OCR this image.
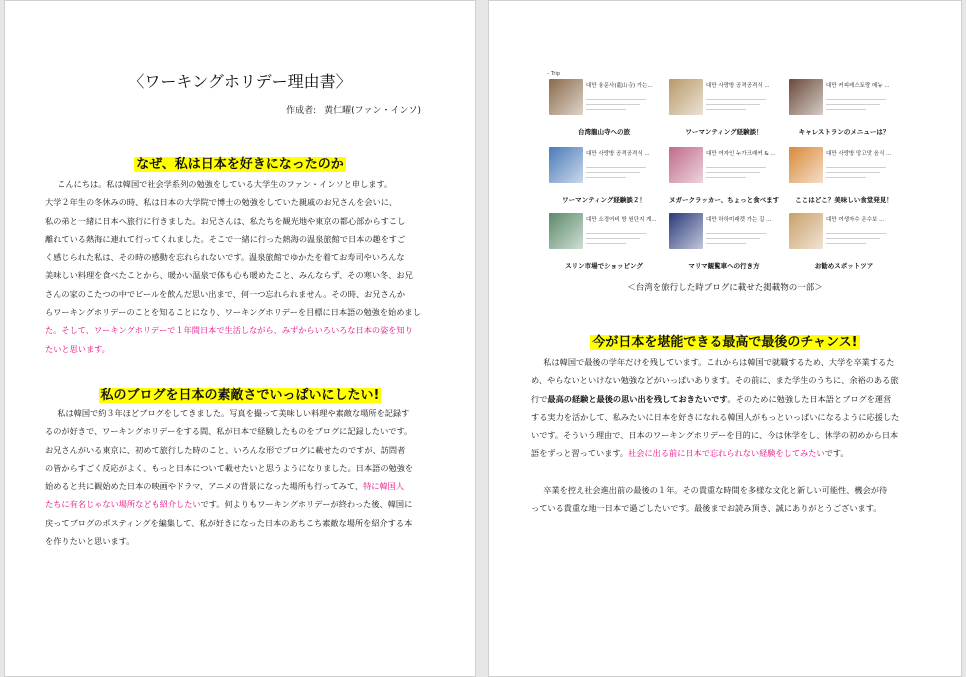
〈ワーキングホリデー理由書〉
作成者: 黄仁曜(ファン・インソ)
なぜ、私は日本を好きになったのか
こんにちは。私は韓国で社会学系列の勉強をしている大学生のファン・インソと申します。
大学２年生の冬休みの時、私は日本の大学院で博士の勉強をしていた親戚のお兄さんを会いに、
私の弟と一緒に日本へ旅行に行きました。お兄さんは、私たちを観光地や東京の都心部からすこし
離れている熱海に連れて行ってくれました。そこで一緒に行った熱海の温泉旅館で日本の趣をすご
く感じられた私は、その時の感動を忘れられないです。温泉旅館でゆかたを着てお寿司やいろんな
美味しい料理を食べたことから、暖かい温泉で体も心も暖めたこと、みんならず、その寒い冬、お兄
さんの家のこたつの中でビールを飲んだ思い出まで、何一つ忘れられません。その時、お兄さんか
らワーキングホリデーのことを知ることになり、ワーキングホリデーを目標に日本語の勉強を始めまし
た。そして、ワーキングホリデーで１年間日本で生活しながら、みずからいろいろな日本の姿を知り
たいと思います。
私のブログを日本の素敵さでいっぱいにしたい!
私は韓国で約３年ほどブログをしてきました。写真を撮って美味しい料理や素敵な場所を記録す
るのが好きで、ワーキングホリデーをする間、私が日本で経験したものをブログに記録したいです。
お兄さんがいる東京に、初めて旅行した時のこと、いろんな形でブログに載せたのですが、訪問者
の皆からすごく反応がよく、もっと日本について載せたいと思うようになりました。日本語の勉強を
始めると共に観始めた日本の映画やドラマ、アニメの背景になった場所も行ってみて、特に韓国人
たちに有名じゃない場所なども紹介したいです。何よりもワーキングホリデーが終わった後、韓国に
戻ってブログのポスティングを編集して、私が好きになった日本のあちこち素敵な場所を紹介する本
を作りたいと思います。
– Trip
대만 융문사(龍山寺) 가는...
台湾龍山寺への旅
대만 사랑방 공격공격식 ...
ワーマンティング経験談！
대만 커피레스토랑 메뉴 ...
キャレストランのメニューは？
대만 사랑방 공격공격식 ...
ワーマンティング経験談２！
대만 여자인 누가크래커 & ...
ヌガークラッカー、ちょっと食べます
대만 사랑방 망고맛 음식 ...
ここはどこ？美味しい食堂発見！
대만 소경여비 방 원단지 게...
スリン市場でショッピング
대만 하하미래켓 가는 길 ...
マリマ観覧車への行き方
대만 여생자수 온수보 ...
お勧めスポットツア
＜台湾を旅行した時ブログに載せた掲載物の一部＞
今が日本を堪能できる最高で最後のチャンス!
私は韓国で最後の学年だけを残しています。これからは韓国で就職するため、大学を卒業するた
め、やらないといけない勉強などがいっぱいあります。その前に、また学生のうちに、余裕のある旅
行で最高の経験と最後の思い出を残しておきたいです。そのために勉強した日本語とブログを運営
する実力を活かして、私みたいに日本を好きになれる韓国人がもっといっぱいになるように応援した
いです。そういう理由で、日本のワーキングホリデーを目的に、今は休学をし、休学の初めから日本
語をずっと習っています。社会に出る前に日本で忘れられない経験をしてみたいです。
卒業を控え社会進出前の最後の１年。その貴重な時間を多様な文化と新しい可能性、機会が待
っている貴重な地一日本で過ごしたいです。最後までお読み頂き、誠にありがとうございます。
